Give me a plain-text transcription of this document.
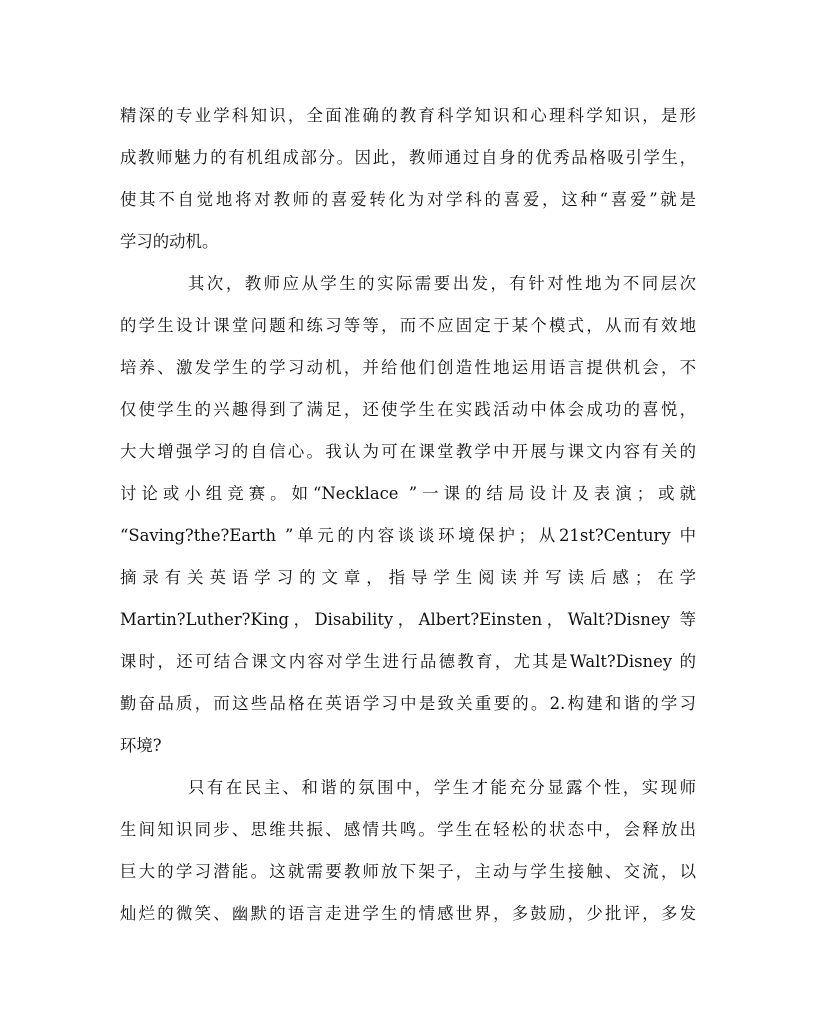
精深的专业学科知识，全面准确的教育科学知识和心理科学知识，是形
成教师魅力的有机组成部分。因此，教师通过自身的优秀品格吸引学生，
使其不自觉地将对教师的喜爱转化为对学科的喜爱，这种“喜爱”就是
学习的动机。
其次，教师应从学生的实际需要出发，有针对性地为不同层次
的学生设计课堂问题和练习等等，而不应固定于某个模式，从而有效地
培养、激发学生的学习动机，并给他们创造性地运用语言提供机会，不
仅使学生的兴趣得到了满足，还使学生在实践活动中体会成功的喜悦，
大大增强学习的自信心。我认为可在课堂教学中开展与课文内容有关的
讨论或小组竞赛。如“Necklace ”一课的结局设计及表演；或就
“Saving?the?Earth ”单元的内容谈谈环境保护；从21st?Century 中
摘录有关英语学习的文章，指导学生阅读并写读后感；在学
Martin?Luther?King，Disability，Albert?Einsten，Walt?Disney 等
课时，还可结合课文内容对学生进行品德教育，尤其是Walt?Disney 的
勤奋品质，而这些品格在英语学习中是致关重要的。2.构建和谐的学习
环境?
只有在民主、和谐的氛围中，学生才能充分显露个性，实现师
生间知识同步、思维共振、感情共鸣。学生在轻松的状态中，会释放出
巨大的学习潜能。这就需要教师放下架子，主动与学生接触、交流，以
灿烂的微笑、幽默的语言走进学生的情感世界，多鼓励，少批评，多发
